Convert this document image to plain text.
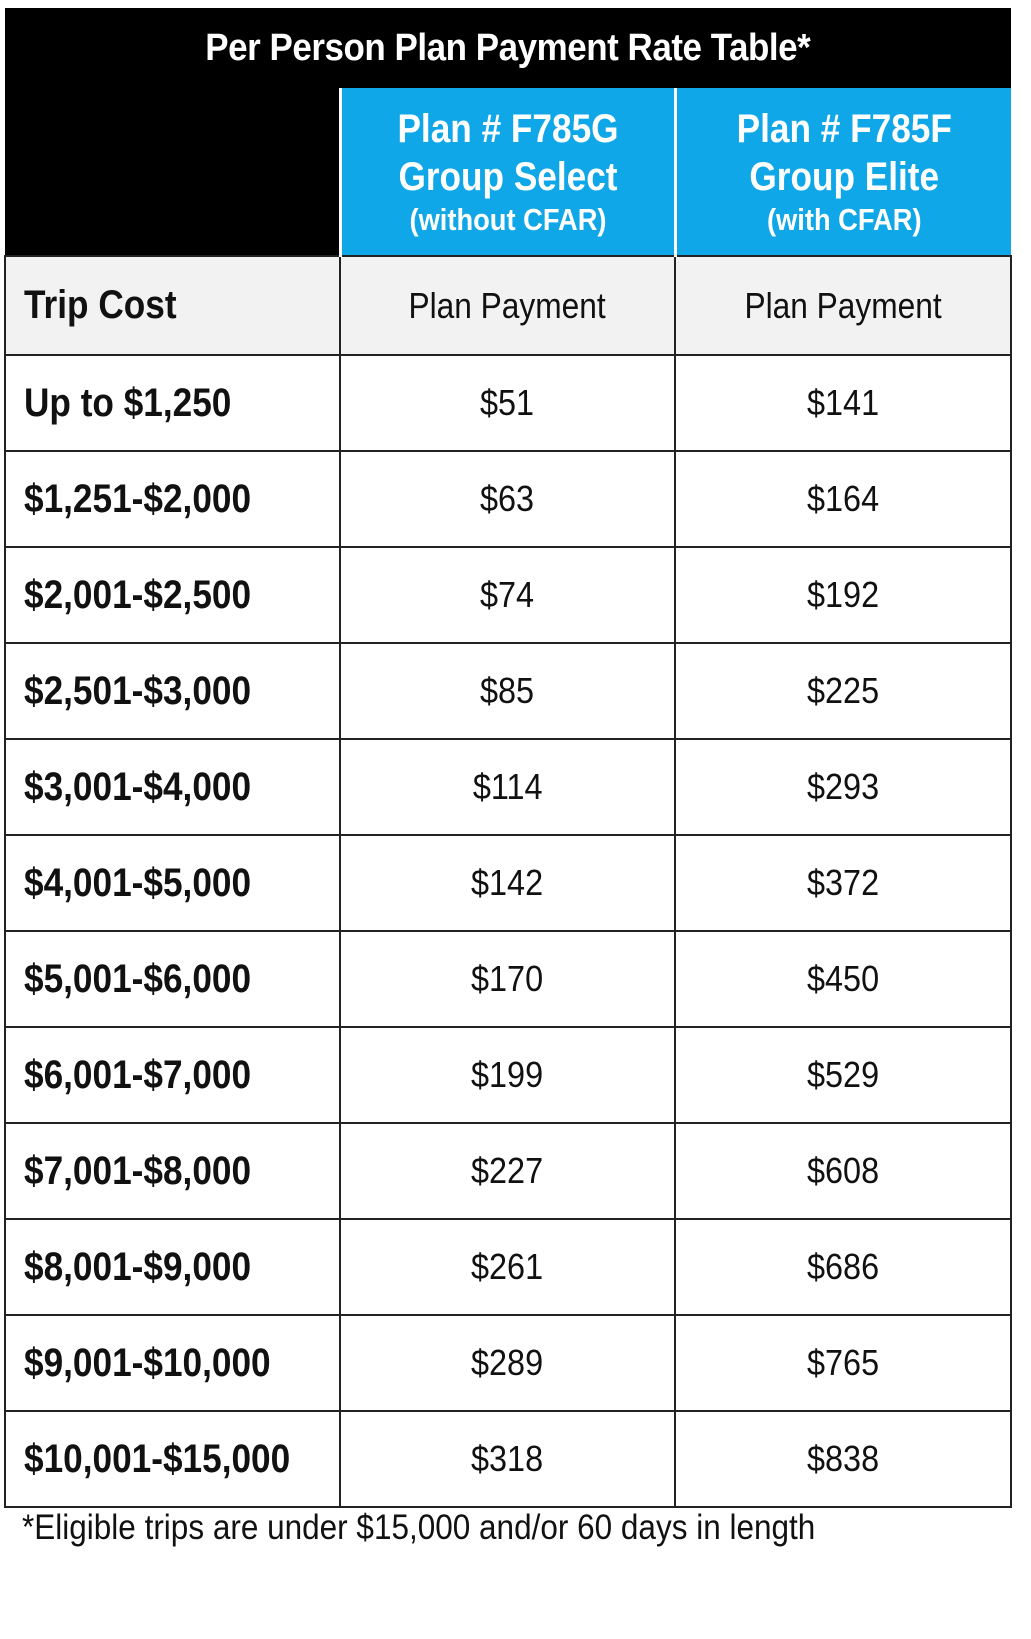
Per Person Plan Payment Rate Table*		

	Plan # F785G
Group Select
(without CFAR)	Plan # F785F
Group Elite
(with CFAR)

Trip Cost	Plan Payment	Plan Payment
Up to $1,250	$51	$141
$1,251-$2,000	$63	$164
$2,001-$2,500	$74	$192
$2,501-$3,000	$85	$225
$3,001-$4,000	$114	$293
$4,001-$5,000	$142	$372
$5,001-$6,000	$170	$450
$6,001-$7,000	$199	$529
$7,001-$8,000	$227	$608
$8,001-$9,000	$261	$686
$9,001-$10,000	$289	$765
$10,001-$15,000	$318	$838
*Eligible trips are under $15,000 and/or 60 days in length
